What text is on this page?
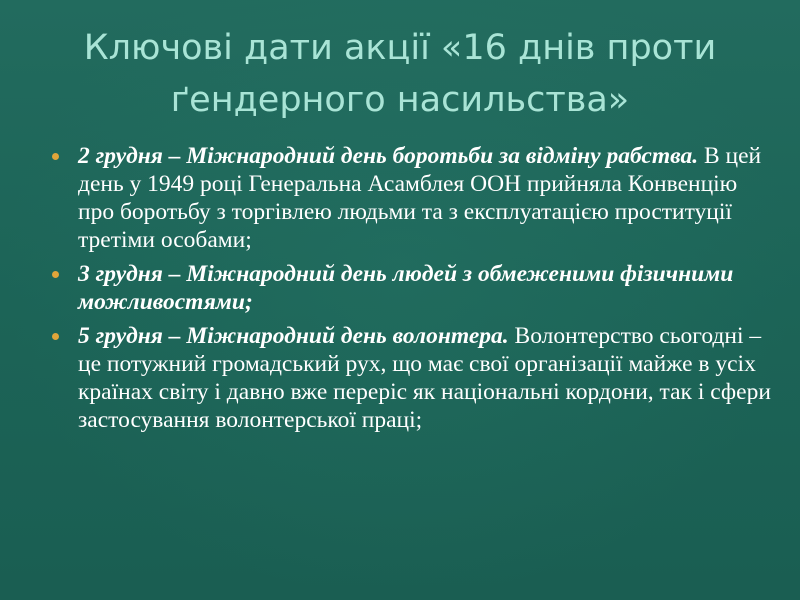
Ключові дати акції «16 днів проти ґендерного насильства»
2 грудня – Міжнародний день боротьби за відміну рабства. В цей день у 1949 році Генеральна Асамблея ООН прийняла Конвенцію про боротьбу з торгівлею людьми та з експлуатацією проституції третіми особами;
3 грудня – Міжнародний день людей з обмеженими фізичними можливостями;
5 грудня – Міжнародний день волонтера. Волонтерство сьогодні – це потужний громадський рух, що має свої організації майже в усіх країнах світу і давно вже переріс як національні кордони, так і сфери застосування волонтерської праці;
